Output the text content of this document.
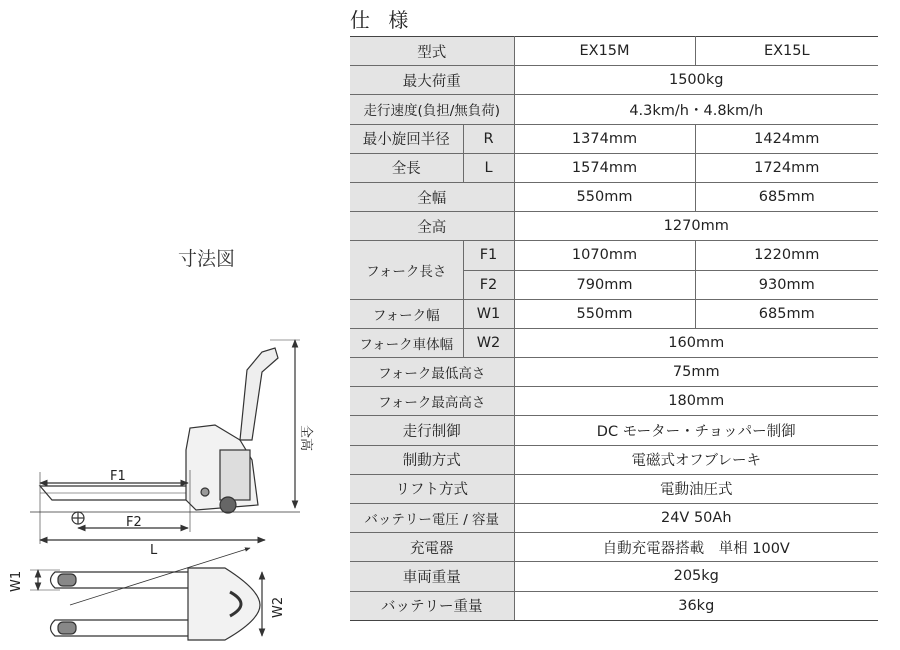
仕 様
寸法図
型式		EX15M	EX15L
最大荷重		1500kg	
走行速度(負担/無負荷)		4.3km/h・4.8km/h	
最小旋回半径	R	1374mm	1424mm
全長	L	1574mm	1724mm
全幅		550mm	685mm
全高		1270mm	
フォーク長さ	F1	1070mm	1220mm
	F2	790mm	930mm
フォーク幅	W1	550mm	685mm
フォーク車体幅	W2	160mm	
フォーク最低高さ		75mm	
フォーク最高高さ		180mm	
走行制御		DC モーター・チョッパー制御	
制動方式		電磁式オフブレーキ	
リフト方式		電動油圧式	
バッテリー電圧 / 容量		24V 50Ah	
充電器		自動充電器搭載　単相 100V	
車両重量		205kg	
バッテリー重量		36kg	
F1
F2
L
全高
W1
W2
